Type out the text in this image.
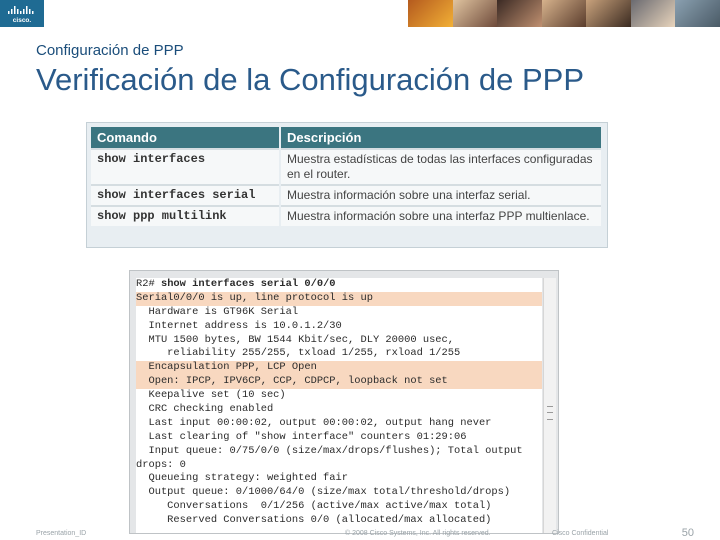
cisco.
Configuración de PPP
Verificación de la Configuración de PPP
Comando	Descripción
show interfaces	Muestra estadísticas de todas las interfaces configuradas en el router.
show interfaces serial	Muestra información sobre una interfaz serial.
show ppp multilink	Muestra información sobre una interfaz PPP multienlace.
R2# show interfaces serial 0/0/0
Serial0/0/0 is up, line protocol is up
Hardware is GT96K Serial
Internet address is 10.0.1.2/30
MTU 1500 bytes, BW 1544 Kbit/sec, DLY 20000 usec,
reliability 255/255, txload 1/255, rxload 1/255
Encapsulation PPP, LCP Open
Open: IPCP, IPV6CP, CCP, CDPCP, loopback not set
Keepalive set (10 sec)
CRC checking enabled
Last input 00:00:02, output 00:00:02, output hang never
Last clearing of "show interface" counters 01:29:06
Input queue: 0/75/0/0 (size/max/drops/flushes); Total output
drops: 0
Queueing strategy: weighted fair
Output queue: 0/1000/64/0 (size/max total/threshold/drops)
Conversations  0/1/256 (active/max active/max total)
Reserved Conversations 0/0 (allocated/max allocated)
Presentation_ID	© 2008 Cisco Systems, Inc. All rights reserved.	Cisco Confidential	50
